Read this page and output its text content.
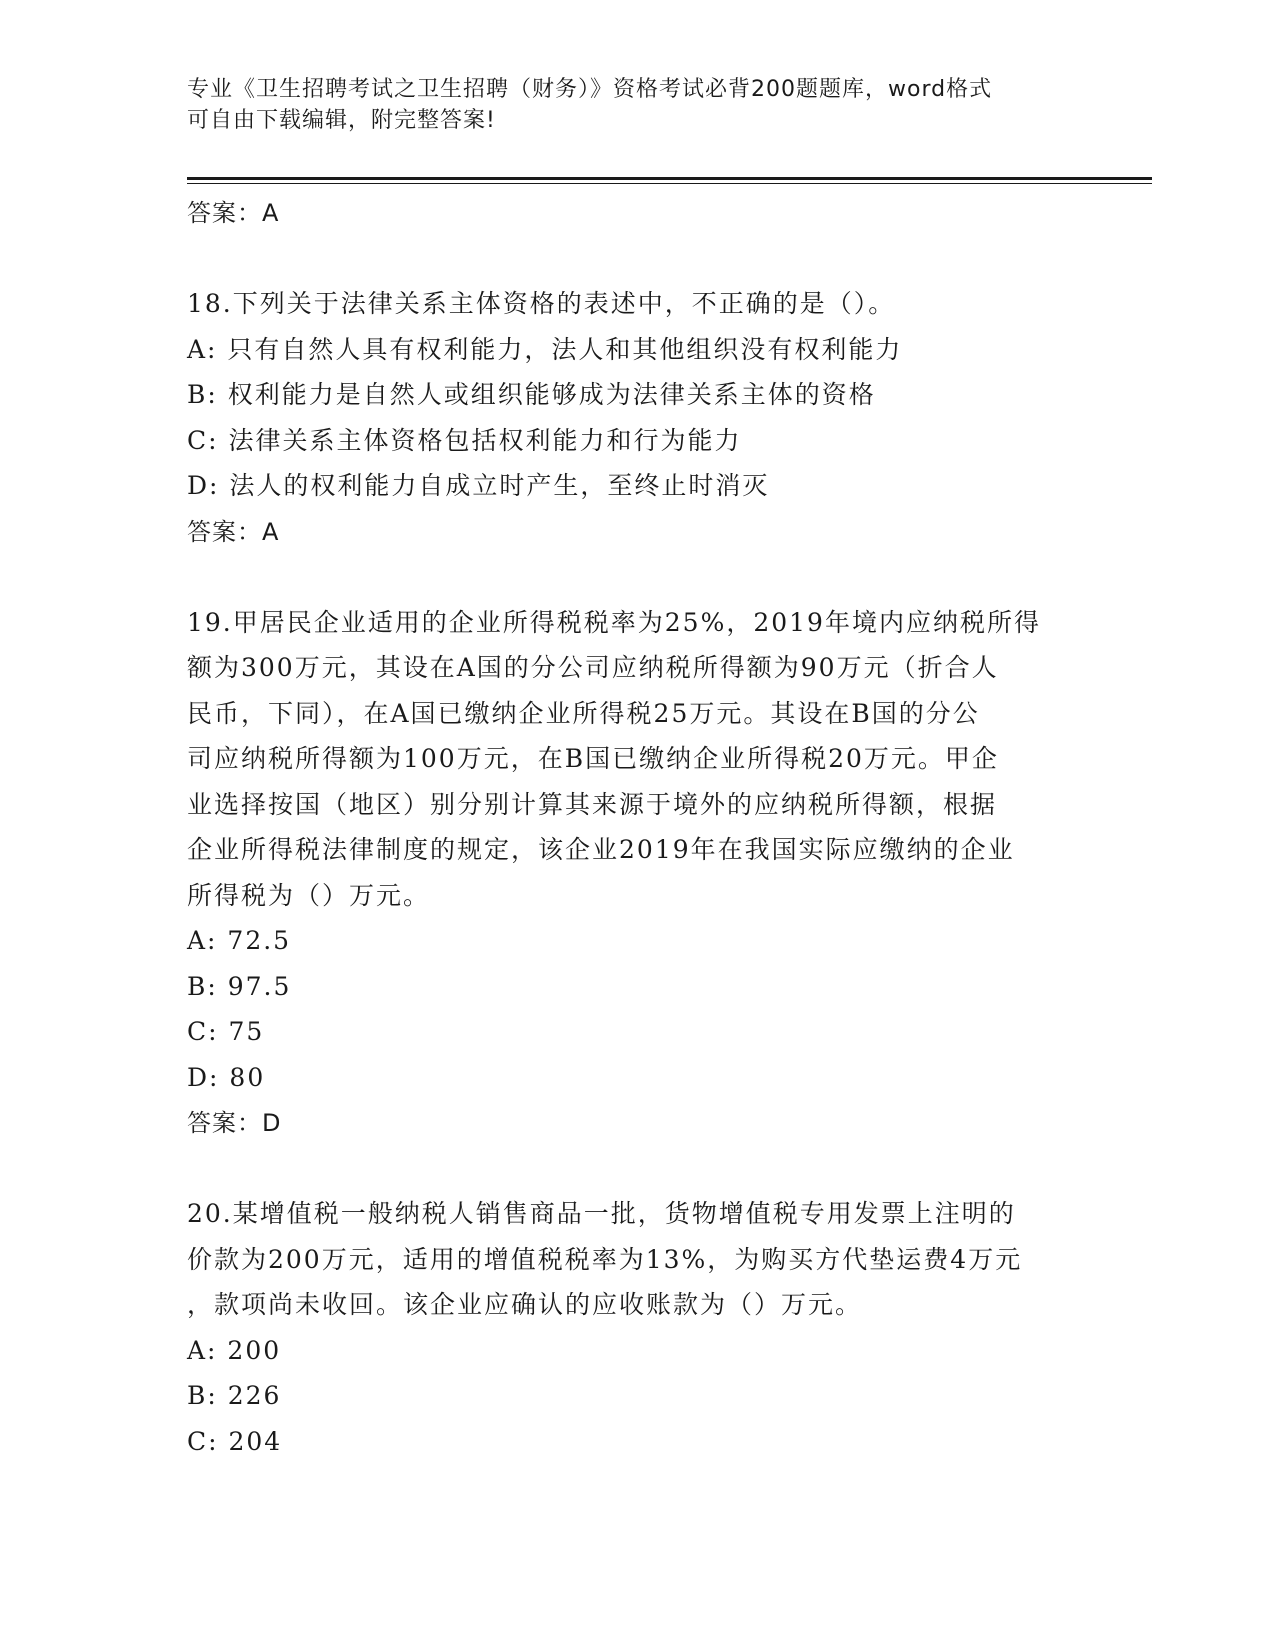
专业《卫生招聘考试之卫生招聘（财务）》资格考试必背200题题库，word格式
可自由下载编辑，附完整答案!

答案：A

18.下列关于法律关系主体资格的表述中，不正确的是（）。

A: 只有自然人具有权利能力，法人和其他组织没有权利能力

B: 权利能力是自然人或组织能够成为法律关系主体的资格

C: 法律关系主体资格包括权利能力和行为能力

D: 法人的权利能力自成立时产生，至终止时消灭

答案：A

19.甲居民企业适用的企业所得税税率为25%，2019年境内应纳税所得

额为300万元，其设在A国的分公司应纳税所得额为90万元（折合人

民币，下同），在A国已缴纳企业所得税25万元。其设在B国的分公

司应纳税所得额为100万元，在B国已缴纳企业所得税20万元。甲企

业选择按国（地区）别分别计算其来源于境外的应纳税所得额，根据

企业所得税法律制度的规定，该企业2019年在我国实际应缴纳的企业

所得税为（）万元。

A: 72.5

B: 97.5

C: 75

D: 80

答案：D

20.某增值税一般纳税人销售商品一批，货物增值税专用发票上注明的

价款为200万元，适用的增值税税率为13%，为购买方代垫运费4万元

，款项尚未收回。该企业应确认的应收账款为（）万元。

A: 200

B: 226

C: 204
